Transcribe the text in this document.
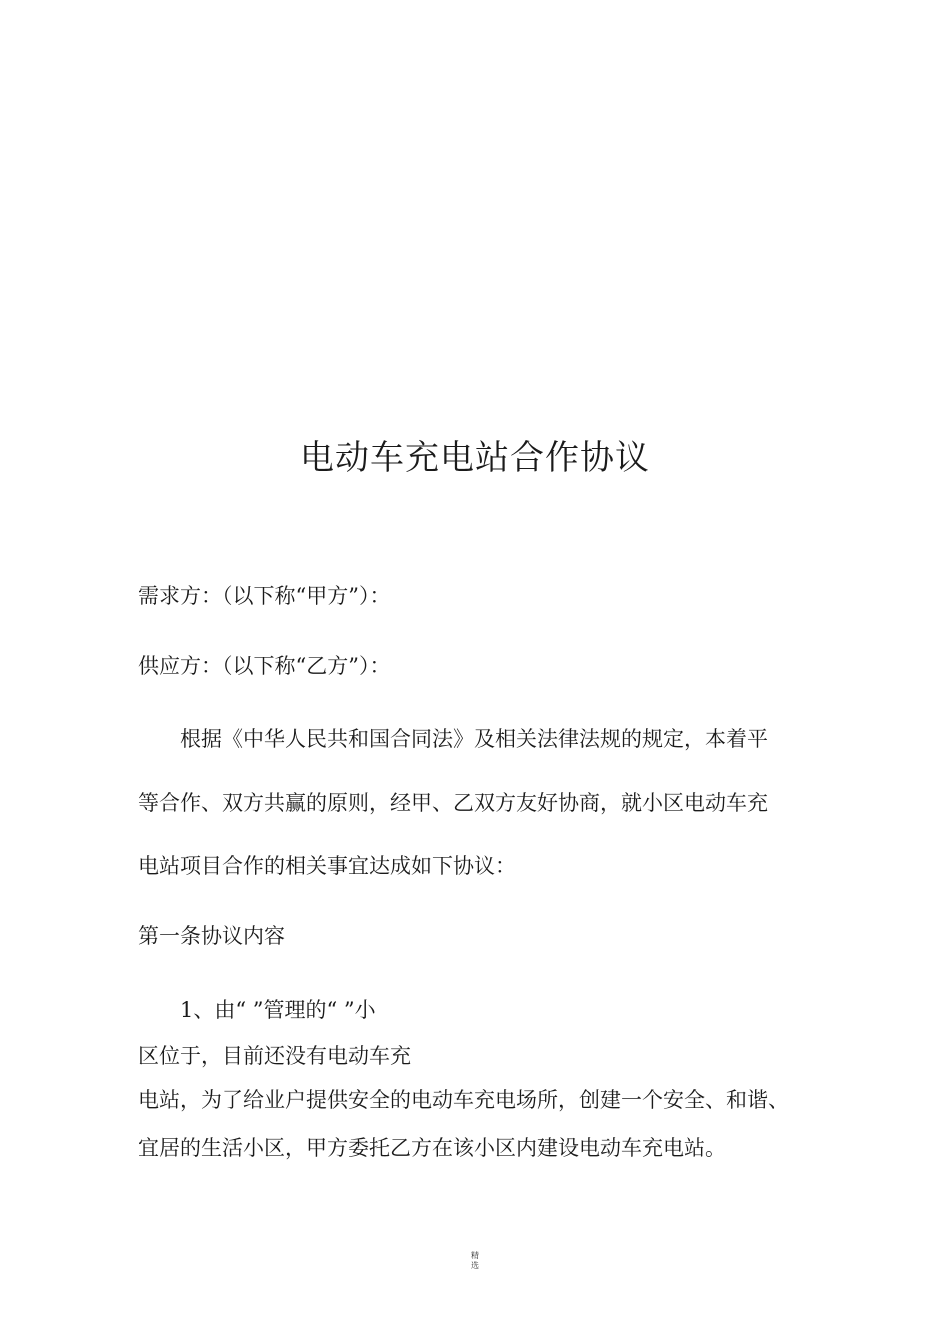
电动车充电站合作协议
需求方：（以下称“甲方”）：
供应方：（以下称“乙方”）：
根据《中华人民共和国合同法》及相关法律法规的规定，本着平
等合作、双方共赢的原则，经甲、乙双方友好协商，就小区电动车充
电站项目合作的相关事宜达成如下协议：
第一条协议内容
1、由“ ”管理的“ ”小
区位于，目前还没有电动车充
电站，为了给业户提供安全的电动车充电场所，创建一个安全、和谐、
宜居的生活小区，甲方委托乙方在该小区内建设电动车充电站。
精
选
